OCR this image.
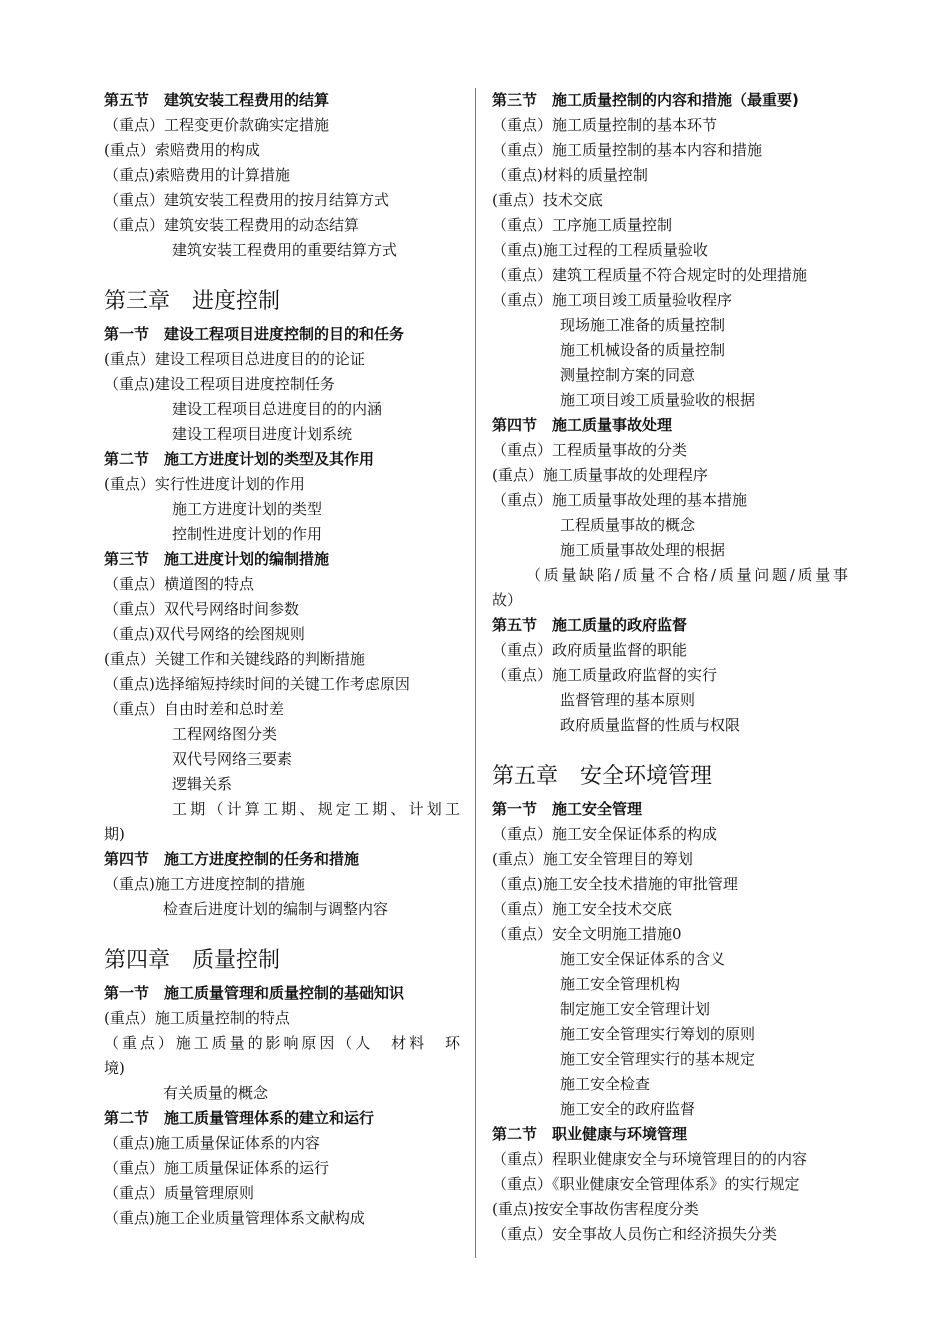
第五节　建筑安装工程费用的结算
（重点）工程变更价款确实定措施
(重点）索赔费用的构成
（重点)索赔费用的计算措施
（重点）建筑安装工程费用的按月结算方式
（重点）建筑安装工程费用的动态结算
建筑安装工程费用的重要结算方式
第三章　进度控制
第一节　建设工程项目进度控制的目的和任务
(重点）建设工程项目总进度目的的论证
（重点)建设工程项目进度控制任务
建设工程项目总进度目的的内涵
建设工程项目进度计划系统
第二节　施工方进度计划的类型及其作用
(重点）实行性进度计划的作用
施工方进度计划的类型
控制性进度计划的作用
第三节　施工进度计划的编制措施
（重点）横道图的特点
（重点）双代号网络时间参数
（重点)双代号网络的绘图规则
(重点）关键工作和关键线路的判断措施
（重点)选择缩短持续时间的关键工作考虑原因
（重点）自由时差和总时差
工程网络图分类
双代号网络三要素
逻辑关系
工期（计算工期、规定工期、计划工
期)
第四节　施工方进度控制的任务和措施
（重点)施工方进度控制的措施
检查后进度计划的编制与调整内容
第四章　质量控制
第一节　施工质量管理和质量控制的基础知识
(重点）施工质量控制的特点
（重点）施工质量的影响原因（人　材料　环
境)
有关质量的概念
第二节　施工质量管理体系的建立和运行
（重点)施工质量保证体系的内容
（重点）施工质量保证体系的运行
（重点）质量管理原则
（重点)施工企业质量管理体系文献构成
第三节　施工质量控制的内容和措施（最重要)
（重点）施工质量控制的基本环节
（重点）施工质量控制的基本内容和措施
（重点)材料的质量控制
(重点）技术交底
（重点）工序施工质量控制
（重点)施工过程的工程质量验收
（重点）建筑工程质量不符合规定时的处理措施
（重点）施工项目竣工质量验收程序
现场施工准备的质量控制
施工机械设备的质量控制
测量控制方案的同意
施工项目竣工质量验收的根据
第四节　施工质量事故处理
（重点）工程质量事故的分类
(重点）施工质量事故的处理程序
（重点）施工质量事故处理的基本措施
工程质量事故的概念
施工质量事故处理的根据
（质量缺陷/质量不合格/质量问题/质量事
故）
第五节　施工质量的政府监督
（重点）政府质量监督的职能
（重点）施工质量政府监督的实行
监督管理的基本原则
政府质量监督的性质与权限
第五章　安全环境管理
第一节　施工安全管理
（重点）施工安全保证体系的构成
(重点）施工安全管理目的筹划
（重点)施工安全技术措施的审批管理
（重点）施工安全技术交底
（重点）安全文明施工措施0
施工安全保证体系的含义
施工安全管理机构
制定施工安全管理计划
施工安全管理实行筹划的原则
施工安全管理实行的基本规定
施工安全检查
施工安全的政府监督
第二节　职业健康与环境管理
（重点）程职业健康安全与环境管理目的的内容
（重点）《职业健康安全管理体系》的实行规定
(重点)按安全事故伤害程度分类
（重点）安全事故人员伤亡和经济损失分类
